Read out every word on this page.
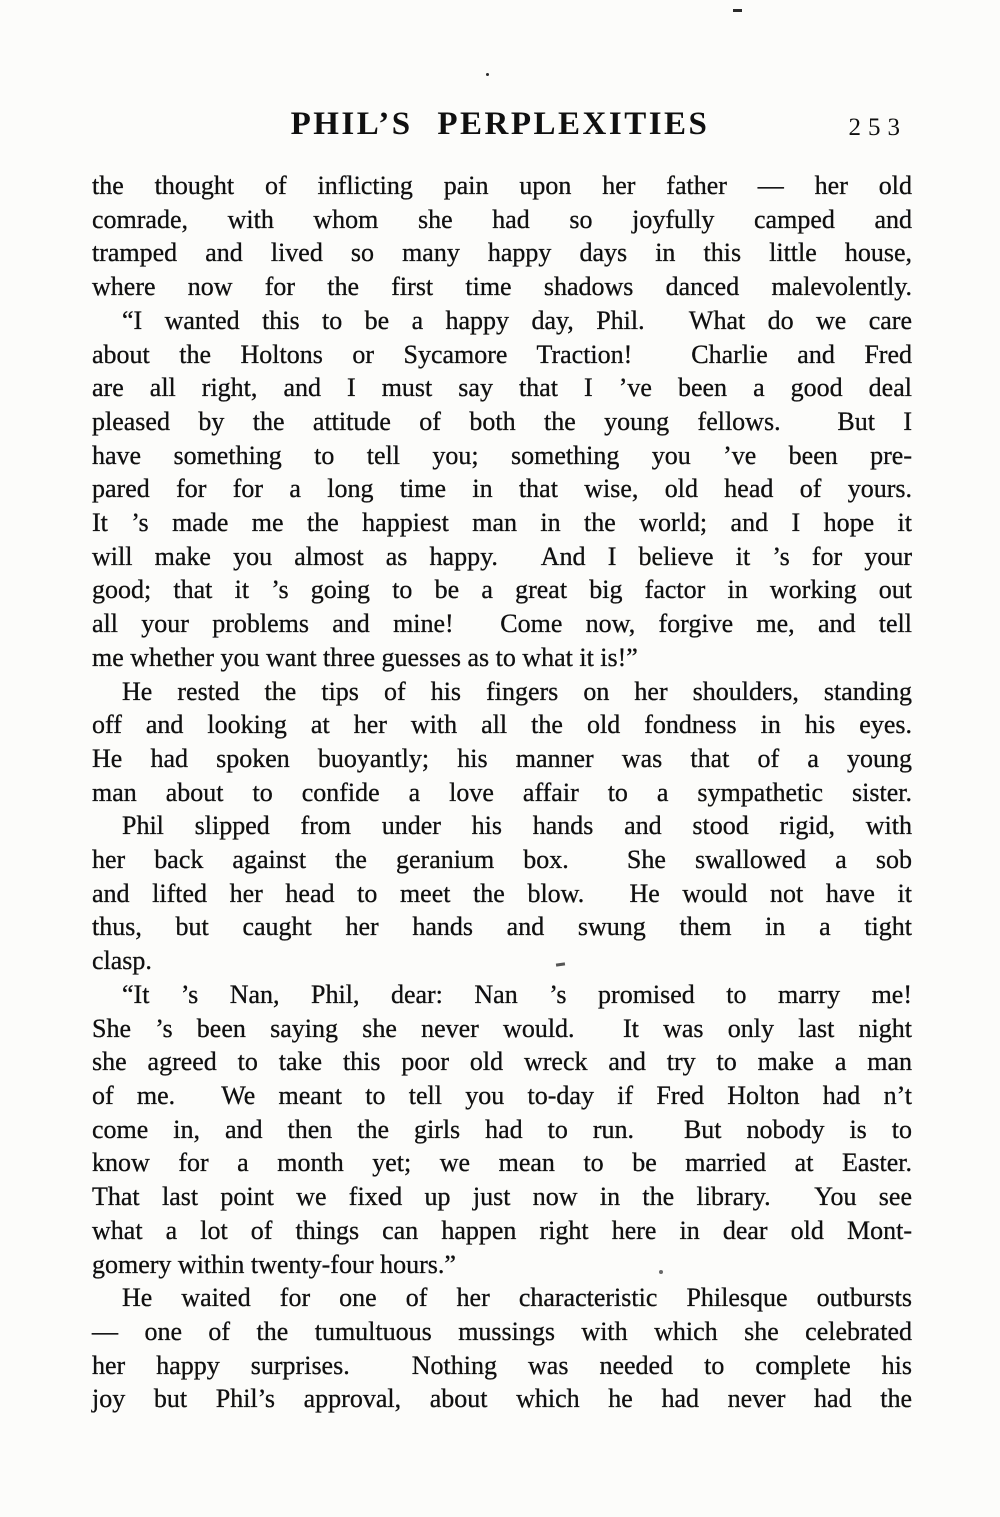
PHIL’S PERPLEXITIES	253
the thought of inflicting pain upon her father — her old
comrade, with whom she had so joyfully camped and
tramped and lived so many happy days in this little house,
where now for the first time shadows danced malevolently.
“I wanted this to be a happy day, Phil.  What do we care
about the Holtons or Sycamore Traction!  Charlie and Fred
are all right, and I must say that I ’ve been a good deal
pleased by the attitude of both the young fellows.  But I
have something to tell you; something you ’ve been pre-
pared for for a long time in that wise, old head of yours.
It ’s made me the happiest man in the world; and I hope it
will make you almost as happy.  And I believe it ’s for your
good; that it ’s going to be a great big factor in working out
all your problems and mine!  Come now, forgive me, and tell
me whether you want three guesses as to what it is!”
He rested the tips of his fingers on her shoulders, standing
off and looking at her with all the old fondness in his eyes.
He had spoken buoyantly; his manner was that of a young
man about to confide a love affair to a sympathetic sister.
Phil slipped from under his hands and stood rigid, with
her back against the geranium box.  She swallowed a sob
and lifted her head to meet the blow.  He would not have it
thus, but caught her hands and swung them in a tight
clasp.
“It ’s Nan, Phil, dear: Nan ’s promised to marry me!
She ’s been saying she never would.  It was only last night
she agreed to take this poor old wreck and try to make a man
of me.  We meant to tell you to-day if Fred Holton had n’t
come in, and then the girls had to run.  But nobody is to
know for a month yet; we mean to be married at Easter.
That last point we fixed up just now in the library.  You see
what a lot of things can happen right here in dear old Mont-
gomery within twenty-four hours.”
He waited for one of her characteristic Philesque outbursts
— one of the tumultuous mussings with which she celebrated
her happy surprises.  Nothing was needed to complete his
joy but Phil’s approval, about which he had never had the
